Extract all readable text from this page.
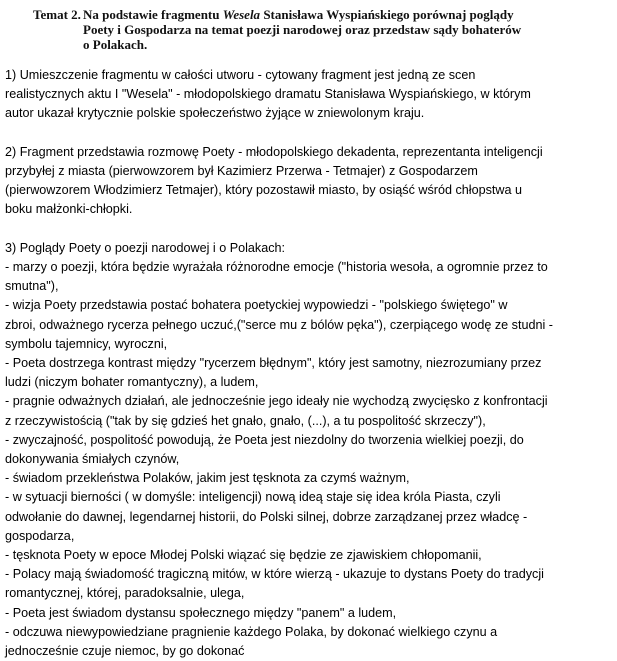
Temat 2. Na podstawie fragmentu Wesela Stanisława Wyspiańskiego porównaj poglądy
Poety i Gospodarza na temat poezji narodowej oraz przedstaw sądy bohaterów
o Polakach.
1) Umieszczenie fragmentu w całości utworu - cytowany fragment jest jedną ze scen
realistycznych aktu I "Wesela" - młodopolskiego dramatu Stanisława Wyspiańskiego, w którym
autor ukazał krytycznie polskie społeczeństwo żyjące w zniewolonym kraju.
2) Fragment przedstawia rozmowę Poety - młodopolskiego dekadenta, reprezentanta inteligencji
przybyłej z miasta (pierwowzorem był Kazimierz Przerwa - Tetmajer) z Gospodarzem
(pierwowzorem Włodzimierz Tetmajer), który pozostawił miasto, by osiąść wśród chłopstwa u
boku małżonki-chłopki.
3) Poglądy Poety o poezji narodowej i o Polakach:
- marzy o poezji, która będzie wyrażała różnorodne emocje ("historia wesoła, a ogromnie przez to
smutna"),
- wizja Poety przedstawia postać bohatera poetyckiej wypowiedzi - "polskiego świętego" w
zbroi, odważnego rycerza pełnego uczuć,("serce mu z bólów pęka"), czerpiącego wodę ze studni -
symbolu tajemnicy, wyroczni,
- Poeta dostrzega kontrast między "rycerzem błędnym", który jest samotny, niezrozumiany przez
ludzi (niczym bohater romantyczny), a ludem,
- pragnie odważnych działań, ale jednocześnie jego ideały nie wychodzą zwycięsko z konfrontacji
z rzeczywistością ("tak by się gdzieś het gnało, gnało, (...), a tu pospolitość skrzeczy"),
- zwyczajność, pospolitość powodują, że Poeta jest niezdolny do tworzenia wielkiej poezji, do
dokonywania śmiałych czynów,
- świadom przekleństwa Polaków, jakim jest tęsknota za czymś ważnym,
- w sytuacji bierności ( w domyśle: inteligencji) nową ideą staje się idea króla Piasta, czyli
odwołanie do dawnej, legendarnej historii, do Polski silnej, dobrze zarządzanej przez władcę -
gospodarza,
- tęsknota Poety w epoce Młodej Polski wiązać się będzie ze zjawiskiem chłopomanii,
- Polacy mają świadomość tragiczną mitów, w które wierzą - ukazuje to dystans Poety do tradycji
romantycznej, której, paradoksalnie, ulega,
- Poeta jest świadom dystansu społecznego między "panem" a ludem,
- odczuwa niewypowiedziane pragnienie każdego Polaka, by dokonać wielkiego czynu a
jednocześnie czuje niemoc, by go dokonać
